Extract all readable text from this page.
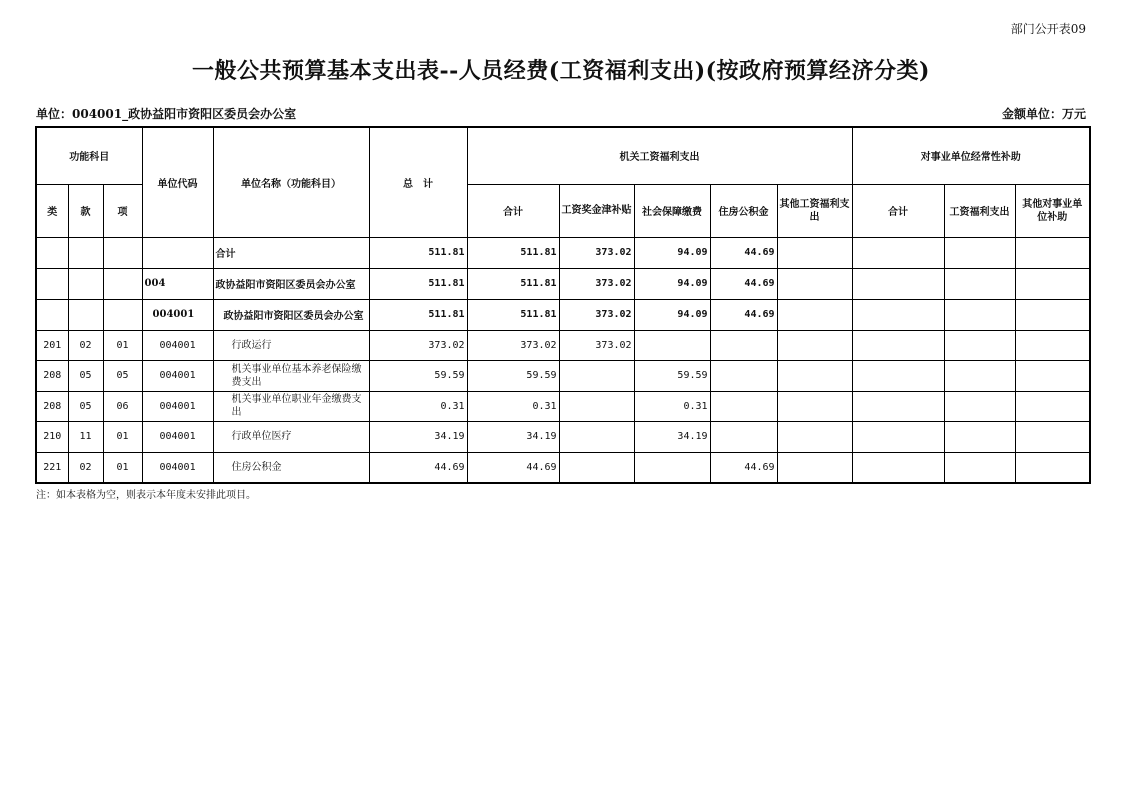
部门公开表09
一般公共预算基本支出表--人员经费(工资福利支出)(按政府预算经济分类)
单位：004001_政协益阳市资阳区委员会办公室	金额单位：万元
功能科目			单位代码	单位名称（功能科目）	总　计	机关工资福利支出					对事业单位经常性补助		
类	款	项				合计	工资奖金津补贴	社会保障缴费	住房公积金	其他工资福利支出	合计	工资福利支出	其他对事业单位补助
				合计	511.81	511.81	373.02	94.09	44.69				
			004	政协益阳市资阳区委员会办公室	511.81	511.81	373.02	94.09	44.69				
			004001	政协益阳市资阳区委员会办公室	511.81	511.81	373.02	94.09	44.69				
201	02	01	004001	行政运行	373.02	373.02	373.02						
208	05	05	004001	机关事业单位基本养老保险缴费支出	59.59	59.59		59.59					
208	05	06	004001	机关事业单位职业年金缴费支出	0.31	0.31		0.31					
210	11	01	004001	行政单位医疗	34.19	34.19		34.19					
221	02	01	004001	住房公积金	44.69	44.69			44.69				
注：如本表格为空，则表示本年度未安排此项目。
